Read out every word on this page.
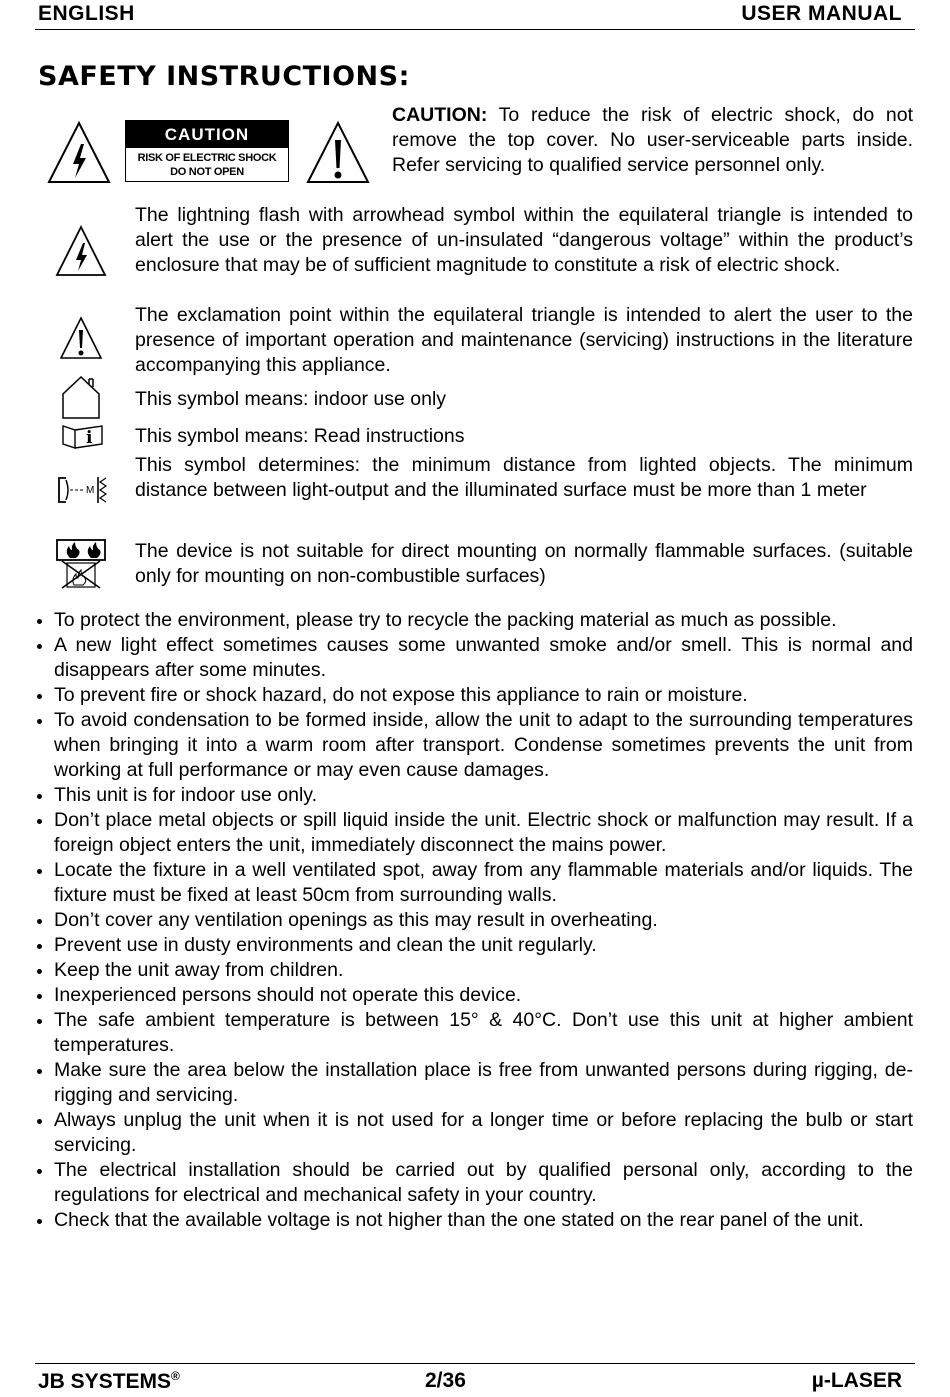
ENGLISH	USER MANUAL
SAFETY INSTRUCTIONS:
CAUTION
RISK OF ELECTRIC SHOCK
DO NOT OPEN
CAUTION: To reduce the risk of electric shock, do not remove the top cover. No user-serviceable parts inside. Refer servicing to qualified service personnel only.
The lightning flash with arrowhead symbol within the equilateral triangle is intended to alert the use or the presence of un-insulated “dangerous voltage” within the product’s enclosure that may be of sufficient magnitude to constitute a risk of electric shock.
The exclamation point within the equilateral triangle is intended to alert the user to the presence of important operation and maintenance (servicing) instructions in the literature accompanying this appliance.
This symbol means: indoor use only
i This symbol means: Read instructions
M
This symbol determines: the minimum distance from lighted objects. The minimum distance between light-output and the illuminated surface must be more than 1 meter
The device is not suitable for direct mounting on normally flammable surfaces. (suitable only for mounting on non-combustible surfaces)
To protect the environment, please try to recycle the packing material as much as possible.
A new light effect sometimes causes some unwanted smoke and/or smell. This is normal and disappears after some minutes.
To prevent fire or shock hazard, do not expose this appliance to rain or moisture.
To avoid condensation to be formed inside, allow the unit to adapt to the surrounding temperatures when bringing it into a warm room after transport. Condense sometimes prevents the unit from working at full performance or may even cause damages.
This unit is for indoor use only.
Don’t place metal objects or spill liquid inside the unit. Electric shock or malfunction may result. If a foreign object enters the unit, immediately disconnect the mains power.
Locate the fixture in a well ventilated spot, away from any flammable materials and/or liquids. The fixture must be fixed at least 50cm from surrounding walls.
Don’t cover any ventilation openings as this may result in overheating.
Prevent use in dusty environments and clean the unit regularly.
Keep the unit away from children.
Inexperienced persons should not operate this device.
The safe ambient temperature is between 15° & 40°C. Don’t use this unit at higher ambient temperatures.
Make sure the area below the installation place is free from unwanted persons during rigging, de-rigging and servicing.
Always unplug the unit when it is not used for a longer time or before replacing the bulb or start servicing.
The electrical installation should be carried out by qualified personal only, according to the regulations for electrical and mechanical safety in your country.
Check that the available voltage is not higher than the one stated on the rear panel of the unit.
JB SYSTEMS®	2/36	µ-LASER
